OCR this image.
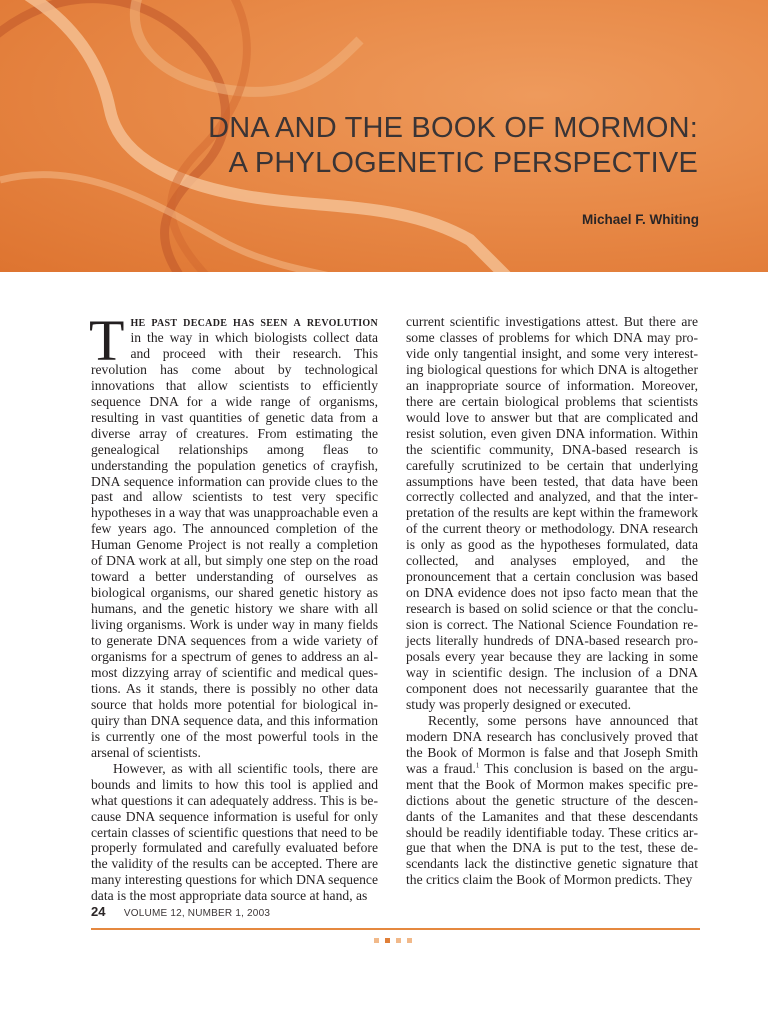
DNA AND THE BOOK OF MORMON:
A PHYLOGENETIC PERSPECTIVE

Michael F. Whiting

The past decade has seen a revolution in the way in which biologists collect data and proceed with their research. This revolution has come about by technological innovations that allow scientists to efficiently sequence DNA for a wide range of organisms, resulting in vast quantities of genetic data from a diverse array of creatures. From estimating the genealogical relationships among fleas to understanding the population genetics of crayfish, DNA sequence information can provide clues to the past and allow scientists to test very specific hypotheses in a way that was unapproachable even a few years ago. The announced completion of the Human Genome Project is not really a completion of DNA work at all, but simply one step on the road toward a better understanding of ourselves as biological organisms, our shared genetic history as humans, and the genetic history we share with all living organisms. Work is under way in many fields to generate DNA sequences from a wide variety of organisms for a spectrum of genes to address an almost dizzying array of scientific and medical questions. As it stands, there is possibly no other data source that holds more potential for biological inquiry than DNA sequence data, and this information is currently one of the most powerful tools in the arsenal of scientists.

However, as with all scientific tools, there are bounds and limits to how this tool is applied and what questions it can adequately address. This is because DNA sequence information is useful for only certain classes of scientific questions that need to be properly formulated and carefully evaluated before the validity of the results can be accepted. There are many interesting questions for which DNA sequence data is the most appropriate data source at hand, as

current scientific investigations attest. But there are some classes of problems for which DNA may provide only tangential insight, and some very interesting biological questions for which DNA is altogether an inappropriate source of information. Moreover, there are certain biological problems that scientists would love to answer but that are complicated and resist solution, even given DNA information. Within the scientific community, DNA-based research is carefully scrutinized to be certain that underlying assumptions have been tested, that data have been correctly collected and analyzed, and that the interpretation of the results are kept within the framework of the current theory or methodology. DNA research is only as good as the hypotheses formulated, data collected, and analyses employed, and the pronouncement that a certain conclusion was based on DNA evidence does not ipso facto mean that the research is based on solid science or that the conclusion is correct. The National Science Foundation rejects literally hundreds of DNA-based research proposals every year because they are lacking in some way in scientific design. The inclusion of a DNA component does not necessarily guarantee that the study was properly designed or executed.

Recently, some persons have announced that modern DNA research has conclusively proved that the Book of Mormon is false and that Joseph Smith was a fraud.$^1$ This conclusion is based on the argument that the Book of Mormon makes specific predictions about the genetic structure of the descendants of the Lamanites and that these descendants should be readily identifiable today. These critics argue that when the DNA is put to the test, these descendants lack the distinctive genetic signature that the critics claim the Book of Mormon predicts. They

24 VOLUME 12, NUMBER 1, 2003
